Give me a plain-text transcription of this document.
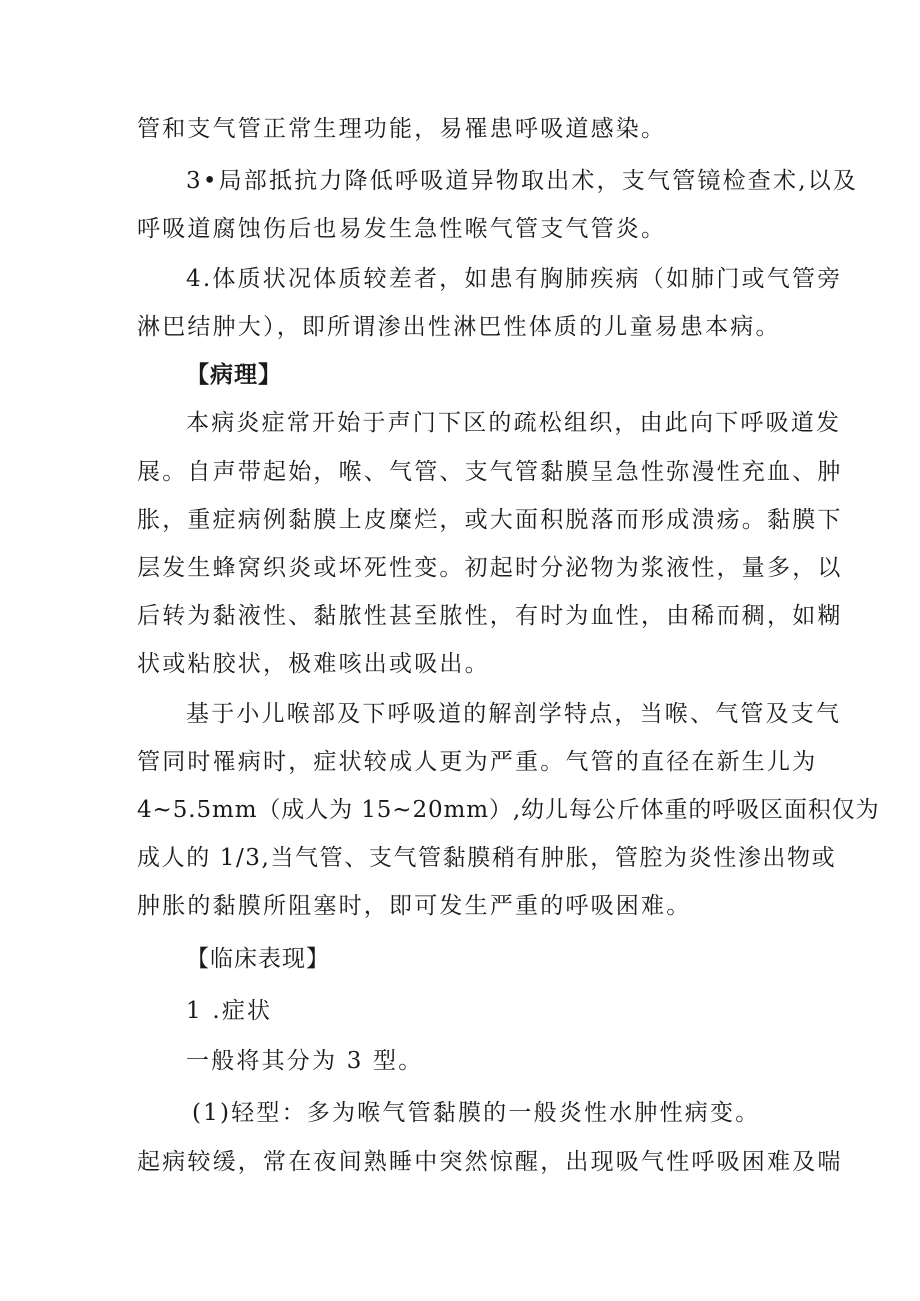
管和支气管正常生理功能，易罹患呼吸道感染。
3•局部抵抗力降低呼吸道异物取出术，支气管镜检查术,以及
呼吸道腐蚀伤后也易发生急性喉气管支气管炎。
4.体质状况体质较差者，如患有胸肺疾病（如肺门或气管旁
淋巴结肿大），即所谓渗出性淋巴性体质的儿童易患本病。
【病理】
本病炎症常开始于声门下区的疏松组织，由此向下呼吸道发
展。自声带起始，喉、气管、支气管黏膜呈急性弥漫性充血、肿
胀，重症病例黏膜上皮糜烂，或大面积脱落而形成溃疡。黏膜下
层发生蜂窝织炎或坏死性变。初起时分泌物为浆液性，量多，以
后转为黏液性、黏脓性甚至脓性，有时为血性，由稀而稠，如糊
状或粘胶状，极难咳出或吸出。
基于小儿喉部及下呼吸道的解剖学特点，当喉、气管及支气
管同时罹病时，症状较成人更为严重。气管的直径在新生儿为
4~5.5mm（成人为 15~20mm）,幼儿每公斤体重的呼吸区面积仅为
成人的 1/3,当气管、支气管黏膜稍有肿胀，管腔为炎性渗出物或
肿胀的黏膜所阻塞时，即可发生严重的呼吸困难。
【临床表现】
1 .症状
一般将其分为 3 型。
(1)轻型：多为喉气管黏膜的一般炎性水肿性病变。
起病较缓，常在夜间熟睡中突然惊醒，出现吸气性呼吸困难及喘
